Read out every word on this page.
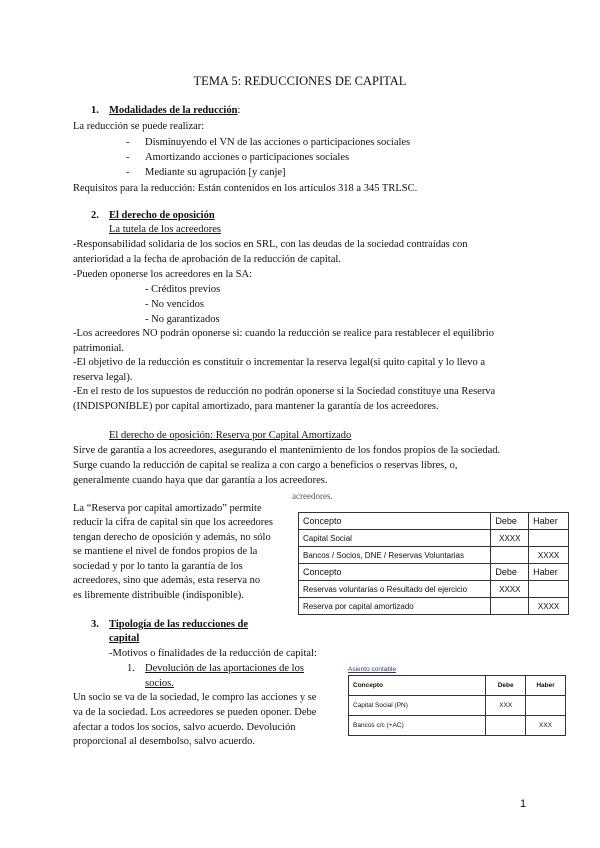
TEMA 5: REDUCCIONES DE CAPITAL
1. Modalidades de la reducción:
La reducción se puede realizar:
- Disminuyendo el VN de las acciones o participaciones sociales
- Amortizando acciones o participaciones sociales
- Mediante su agrupación [y canje]
Requisitos para la reducción: Están contenidos en los artículos 318 a 345 TRLSC.
2. El derecho de oposición
La tutela de los acreedores
-Responsabilidad solidaria de los socios en SRL, con las deudas de la sociedad contraídas con
anterioridad a la fecha de aprobación de la reducción de capital.
-Pueden oponerse los acreedores en la SA:
- Créditos previos
- No vencidos
- No garantizados
-Los acreedores NO podrán oponerse si: cuando la reducción se realice para restablecer el equilibrio
patrimonial.
-El objetivo de la reducción es constituir o incrementar la reserva legal(si quito capital y lo llevo a
reserva legal).
-En el resto de los supuestos de reducción no podrán oponerse si la Sociedad constituye una Reserva
(INDISPONIBLE) por capital amortizado, para mantener la garantía de los acreedores.
El derecho de oposición: Reserva por Capital Amortizado
Sirve de garantía a los acreedores, asegurando el mantenimiento de los fondos propios de la sociedad.
Surge cuando la reducción de capital se realiza a con cargo a beneficios o reservas libres, o,
generalmente cuando haya que dar garantía a los acreedores.
La “Reserva por capital amortizado” permite
reducir la cifra de capital sin que los acreedores
tengan derecho de oposición y además, no sólo
se mantiene el nivel de fondos propios de la
sociedad y por lo tanto la garantía de los
acreedores, sino que además, esta reserva no
es libremente distribuible (indisponible).
acreedores.
Concepto	Debe	Haber
Capital Social	XXXX	
Bancos / Socios, DNE / Reservas Voluntarias		XXXX
Concepto	Debe	Haber
Reservas voluntarias o Resultado del ejercicio	XXXX	
Reserva por capital amortizado		XXXX
3. Tipología de las reducciones de
capital
-Motivos o finalidades de la reducción de capital:
1. Devolución de las aportaciones de los
socios.
Un socio se va de la sociedad, le compro las acciones y se
va de la sociedad. Los acreedores se pueden oponer. Debe
afectar a todos los socios, salvo acuerdo. Devolución
proporcional al desembolso, salvo acuerdo.
Asiento contable
Concepto	Debe	Haber
Capital Social (PN)	XXX	
Bancos c/c (+AC)		XXX
1
